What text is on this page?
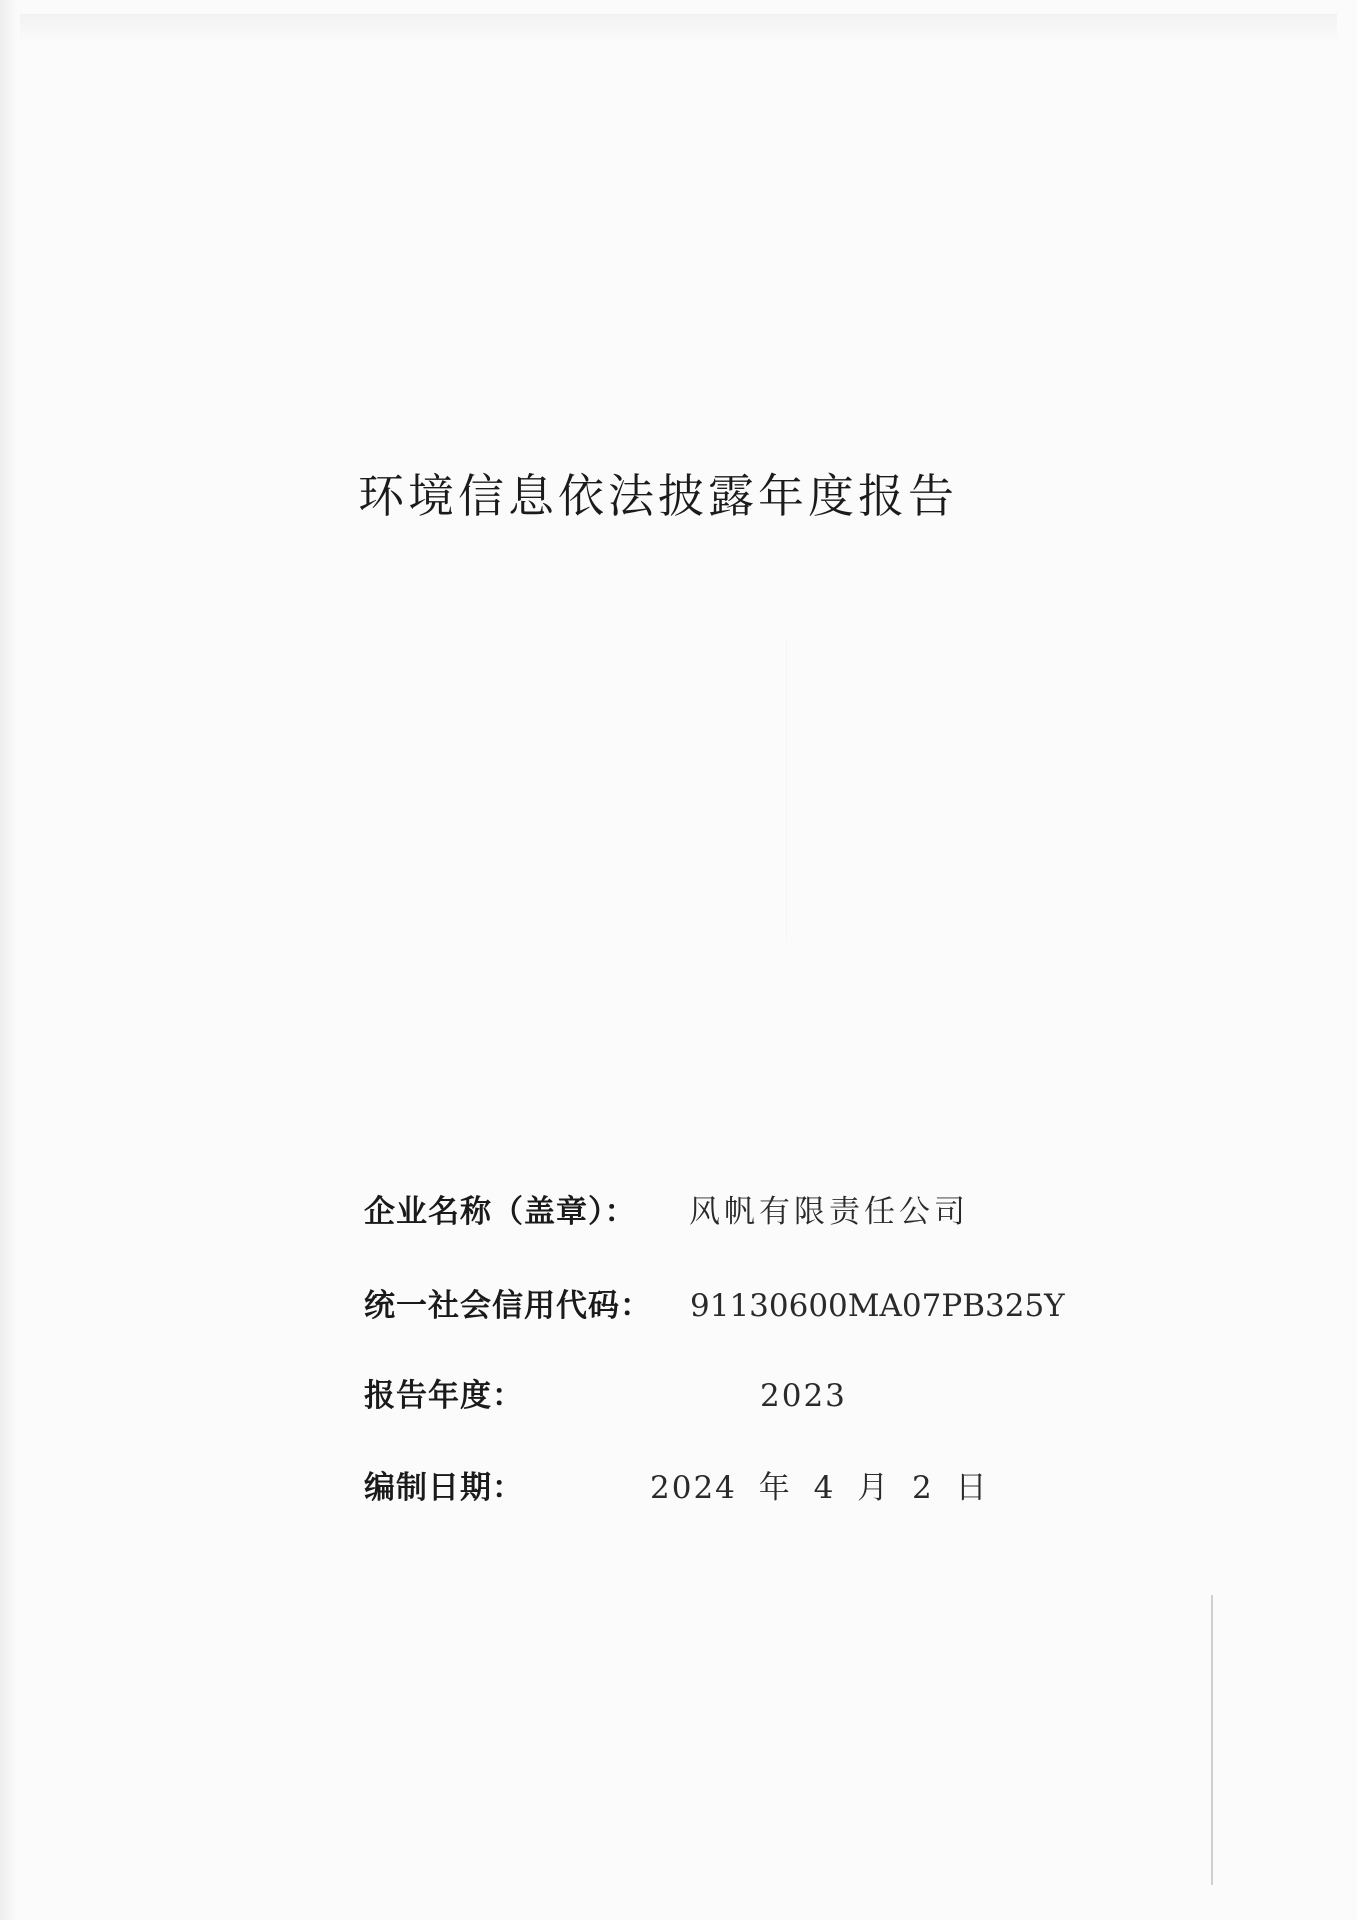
环境信息依法披露年度报告
企业名称（盖章）： 风帆有限责任公司
统一社会信用代码： 91130600MA07PB325Y
报告年度：	2023
编制日期：	2024 年 4 月 2 日
